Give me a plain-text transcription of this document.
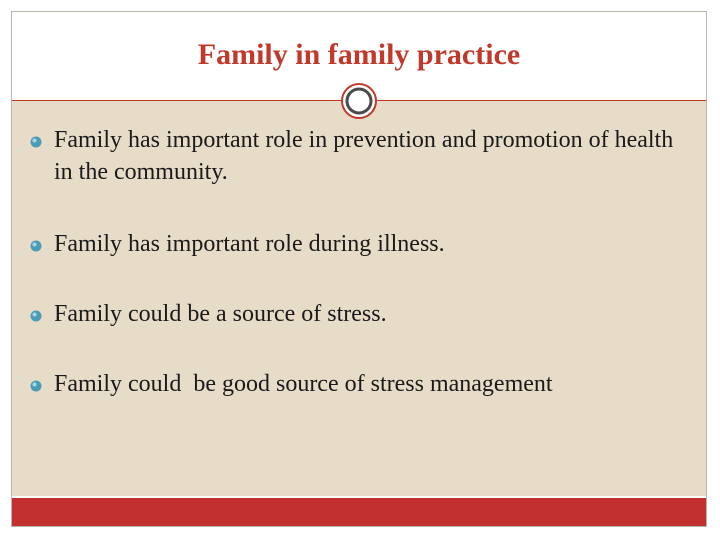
Family in family practice
Family has important role in prevention and promotion of health in the community.
Family has important role during illness.
Family could be a source of stress.
Family could  be good source of stress management
